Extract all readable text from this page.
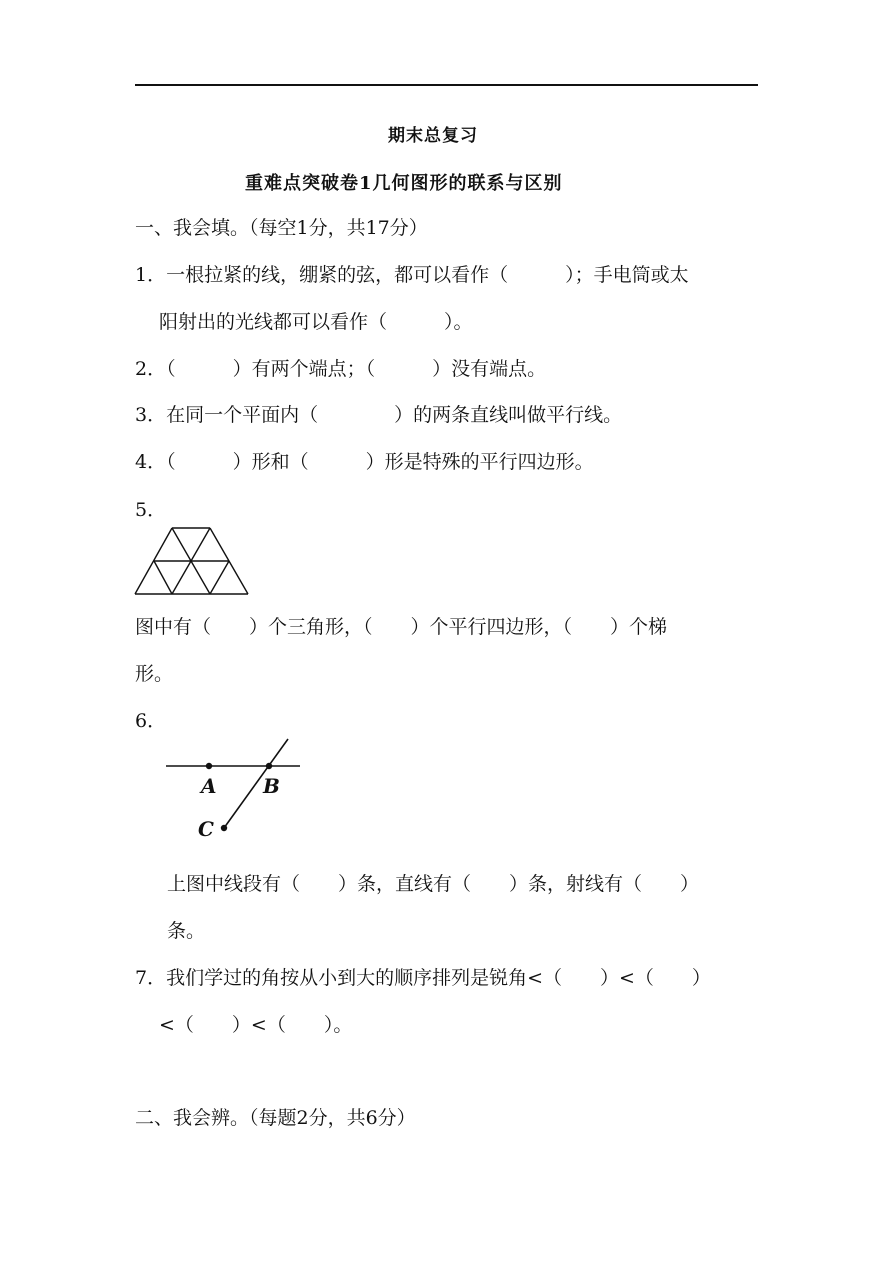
期末总复习
重难点突破卷1几何图形的联系与区别
一、我会填。（每空1分，共17分）
1．一根拉紧的线，绷紧的弦，都可以看作（　　　）；手电筒或太
阳射出的光线都可以看作（　　　）。
2．（　　　）有两个端点；（　　　）没有端点。
3．在同一个平面内（　　　　）的两条直线叫做平行线。
4．（　　　）形和（　　　）形是特殊的平行四边形。
5．
图中有（　　）个三角形，（　　）个平行四边形，（　　）个梯
形。
6．
A B
C
上图中线段有（　　）条，直线有（　　）条，射线有（　　）
条。
7．我们学过的角按从小到大的顺序排列是锐角<（　　）<（　　）
<（　　）<（　　）。
二、我会辨。（每题2分，共6分）
